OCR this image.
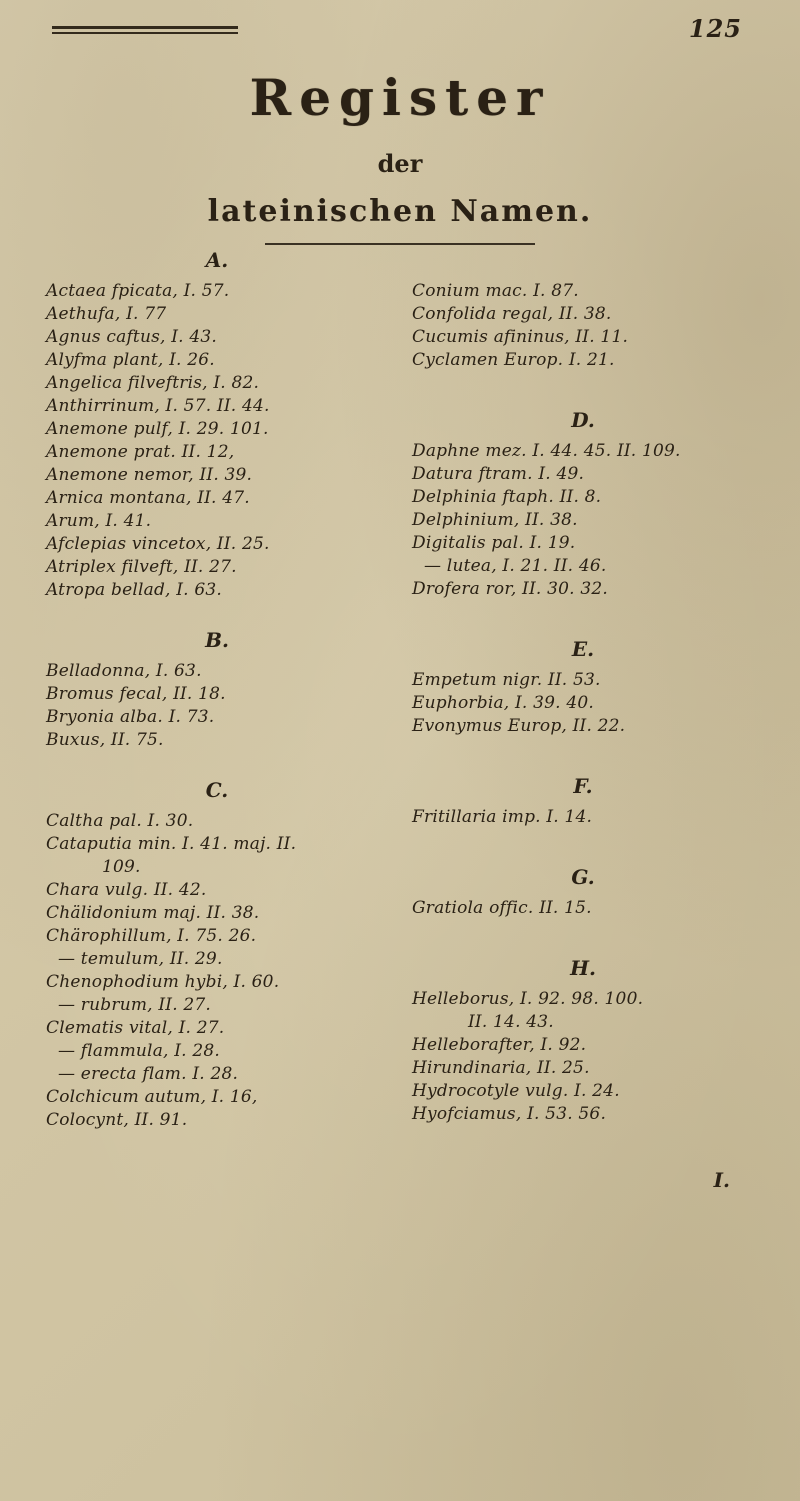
125
Register
der
lateinischen Namen.
A.
Actaea fpicata, I. 57.
Aethufa, I. 77
Agnus caftus, I. 43.
Alyfma plant, I. 26.
Angelica filveftris, I. 82.
Anthirrinum, I. 57. II. 44.
Anemone pulf, I. 29. 101.
Anemone prat. II. 12,
Anemone nemor, II. 39.
Arnica montana, II. 47.
Arum, I. 41.
Afclepias vincetox, II. 25.
Atriplex filveft, II. 27.
Atropa bellad, I. 63.
B.
Belladonna, I. 63.
Bromus fecal, II. 18.
Bryonia alba. I. 73.
Buxus, II. 75.
C.
Caltha pal. I. 30.
Cataputia min. I. 41. maj. II.
109.
Chara vulg. II. 42.
Chälidonium maj. II. 38.
Chärophillum, I. 75. 26.
— temulum, II. 29.
Chenophodium hybi, I. 60.
— rubrum, II. 27.
Clematis vital, I. 27.
— flammula, I. 28.
— erecta flam. I. 28.
Colchicum autum, I. 16,
Colocynt, II. 91.
Conium mac. I. 87.
Confolida regal, II. 38.
Cucumis afininus, II. 11.
Cyclamen Europ. I. 21.
D.
Daphne mez. I. 44. 45. II. 109.
Datura ftram. I. 49.
Delphinia ftaph. II. 8.
Delphinium, II. 38.
Digitalis pal. I. 19.
— lutea, I. 21. II. 46.
Drofera ror, II. 30. 32.
E.
Empetum nigr. II. 53.
Euphorbia, I. 39. 40.
Evonymus Europ, II. 22.
F.
Fritillaria imp. I. 14.
G.
Gratiola offic. II. 15.
H.
Helleborus, I. 92. 98. 100.
II. 14. 43.
Helleborafter, I. 92.
Hirundinaria, II. 25.
Hydrocotyle vulg. I. 24.
Hyofciamus, I. 53. 56.
I.
